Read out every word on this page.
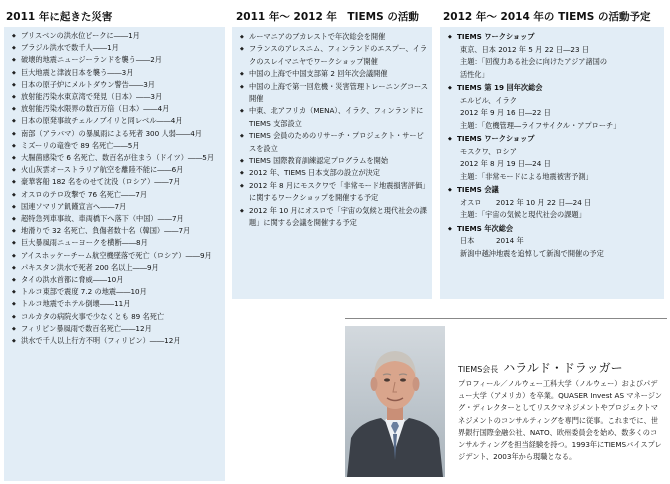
2011 年に起きた災害	2011 年～ 2012 年　TIEMS の活動 2012 年～ 2014 年の TIEMS の活動予定
◆ ブリスベンの洪水位ピークに――1月
◆ ブラジル洪水で数千人――1月
◆ 破壊的地震ニュージーランドを襲う――2月
◆ 巨大地震と津波日本を襲う――3月
◆ 日本の原子炉にメルトダウン警告――3月
◆ 放射能汚染水東京湾で発見（日本）――3月
◆ 放射能汚染水限界の数百万倍（日本）――4月
◆ 日本の原発事故チェルノブイリと同レベル――4月
◆ 南部（アラバマ）の暴風雨による死者 300 人弱――4月
◆ ミズーリの竜巻で 89 名死亡――5月
◆ 大腸菌感染で 6 名死亡、数百名が住まう（ドイツ）――5月
◆ 火山灰雲オーストラリア航空を離陸不能に――6月
◆ 豪華客船 182 名をのせて沈没（ロシア）――7月
◆ オスロのテロ攻撃で 76 名死亡――7月
◆ 国連ソマリア飢饉宣言へ――7月
◆ 超特急列車事故、車両橋下へ落下（中国）――7月
◆ 地滑りで 32 名死亡、負傷者数十名（韓国）――7月
◆ 巨大暴風雨ニューヨークを横断――8月
◆ アイスホッケーチーム航空機墜落で死亡（ロシア）――9月
◆ パキスタン洪水で死者 200 名以上――9月
◆ タイの洪水首都に脅威――10月
◆ トルコ東部で震度 7.2 の地震――10月
◆ トルコ地震でホテル倒壊――11月
◆ コルカタの病院火事で少なくとも 89 名死亡
◆ フィリピン暴風雨で数百名死亡――12月
◆ 洪水で千人以上行方不明（フィリピン）――12月
◆ ルーマニアのブカレストで年次総会を開催
◆ フランスのアレスニム、フィンランドのエスプー、イラクのスレイマニヤでワークショップ開催
◆ 中国の上海で中国支部第 2 回年次会議開催
◆ 中国の上海で第一回危機・災害管理トレーニングコース開催
◆ 中東、北アフリカ（MENA）、イラク、フィンランドに TIEMS 支部設立
◆ TIEMS 会員のためのリサーチ・プロジェクト・サービスを設立
◆ TIEMS 国際教育訓練認定プログラムを開始
◆ 2012 年、TIEMS 日本支部の設立が決定
◆ 2012 年 8 月にモスクワで「非常モード地震損害評価」に関するワークショップを開催する予定
◆ 2012 年 10 月にオスロで「宇宙の気候と現代社会の課題」に関する会議を開催する予定
◆ TIEMS ワークショップ
東京、日本 2012 年 5 月 22 日―23 日
主題：「回復力ある社会に向けたアジア諸国の
活性化」
◆ TIEMS 第 19 回年次総会
エルビル、イラク
2012 年 9 月 16 日―22 日
主題：「危機管理―ライフサイクル・アプローチ」
◆ TIEMS ワークショップ
モスクワ、ロシア
2012 年 8 月 19 日―24 日
主題：「非常モードによる地震被害予測」
◆ TIEMS 会議
オスロ　　2012 年 10 月 22 日―24 日
主題：「宇宙の気候と現代社会の課題」
◆ TIEMS 年次総会
日本　　　2014 年
新潟中越沖地震を追悼して新潟で開催の予定
TIEMS会長 ハラルド・ドラッガー
プロフィール／ノルウェー工科大学（ノルウェー）およびパデュー大学（アメリカ）を卒業。QUASER Invest AS マネージング・ディレクターとしてリスクマネジメントやプロジェクトマネジメントのコンサルティングを専門に従事。これまでに、世界銀行国際金融公社、NATO、欧州委員会を始め、数多くのコンサルティングを担当経験を持つ。1993年にTIEMSバイスプレジデント、2003年から現職となる。
